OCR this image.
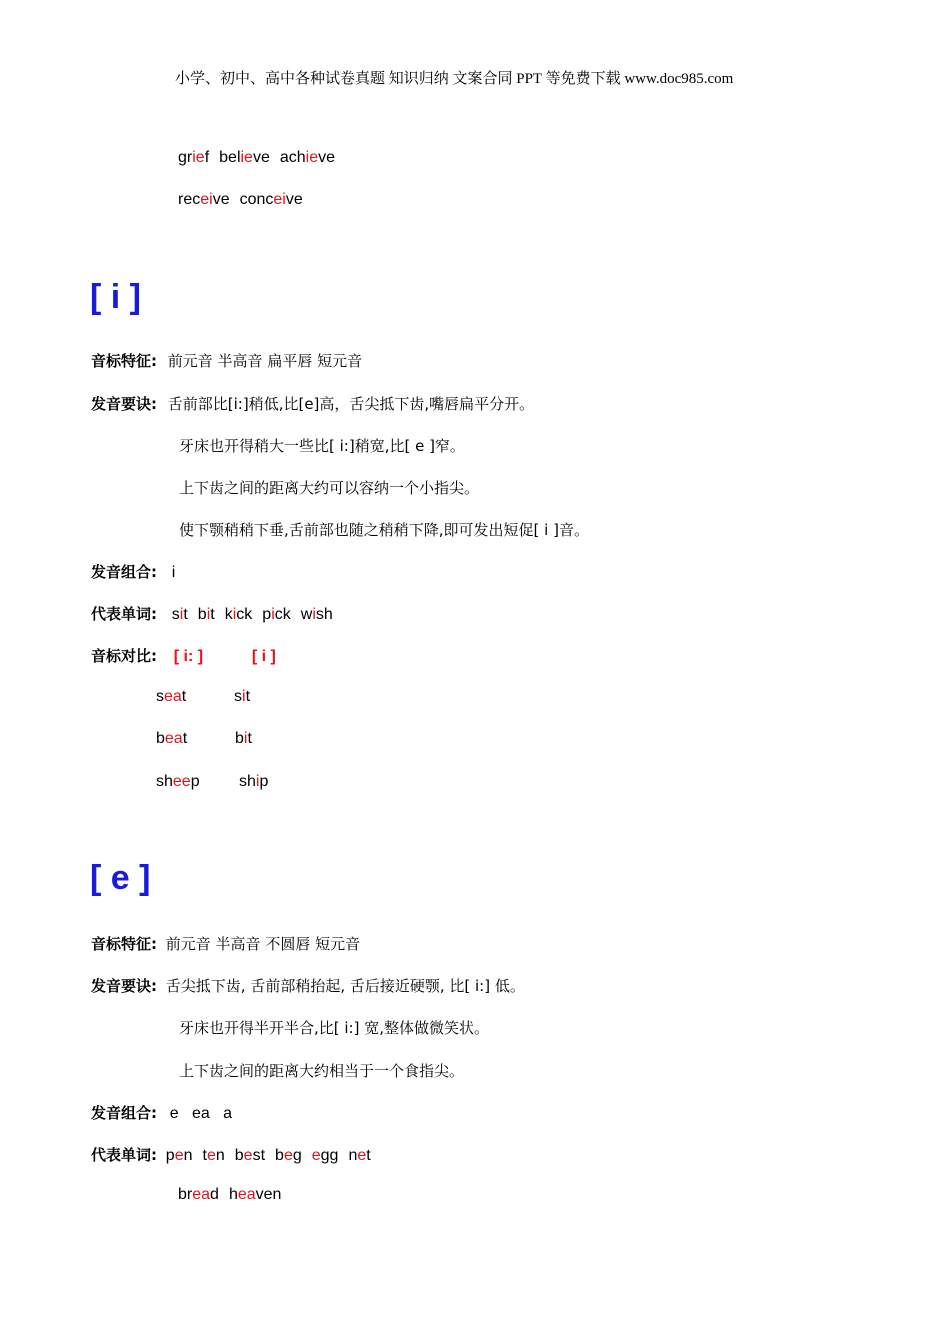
小学、初中、高中各种试卷真题 知识归纳 文案合同 PPT 等免费下载 www.doc985.com
grief believe achieve
receive conceive
[ i ]
音标特征: 前元音 半高音 扁平唇 短元音
发音要诀: 舌前部比[i:]稍低,比[e]高，舌尖抵下齿,嘴唇扁平分开。
牙床也开得稍大一些比[ i:]稍宽,比[ e ]窄。
上下齿之间的距离大约可以容纳一个小指尖。
使下颚稍稍下垂,舌前部也随之稍稍下降,即可发出短促[ i ]音。
发音组合: i
代表单词: sit bit kick pick wish
音标对比: [ i: ]	[ i ]
seat	sit
beat	bit
sheep ship
[ e ]
音标特征: 前元音 半高音 不圆唇 短元音
发音要诀: 舌尖抵下齿, 舌前部稍抬起, 舌后接近硬颚, 比[ i:] 低。
牙床也开得半开半合,比[ i:] 宽,整体做微笑状。
上下齿之间的距离大约相当于一个食指尖。
发音组合: e   ea   a
代表单词: pen ten best beg egg net
bread heaven
